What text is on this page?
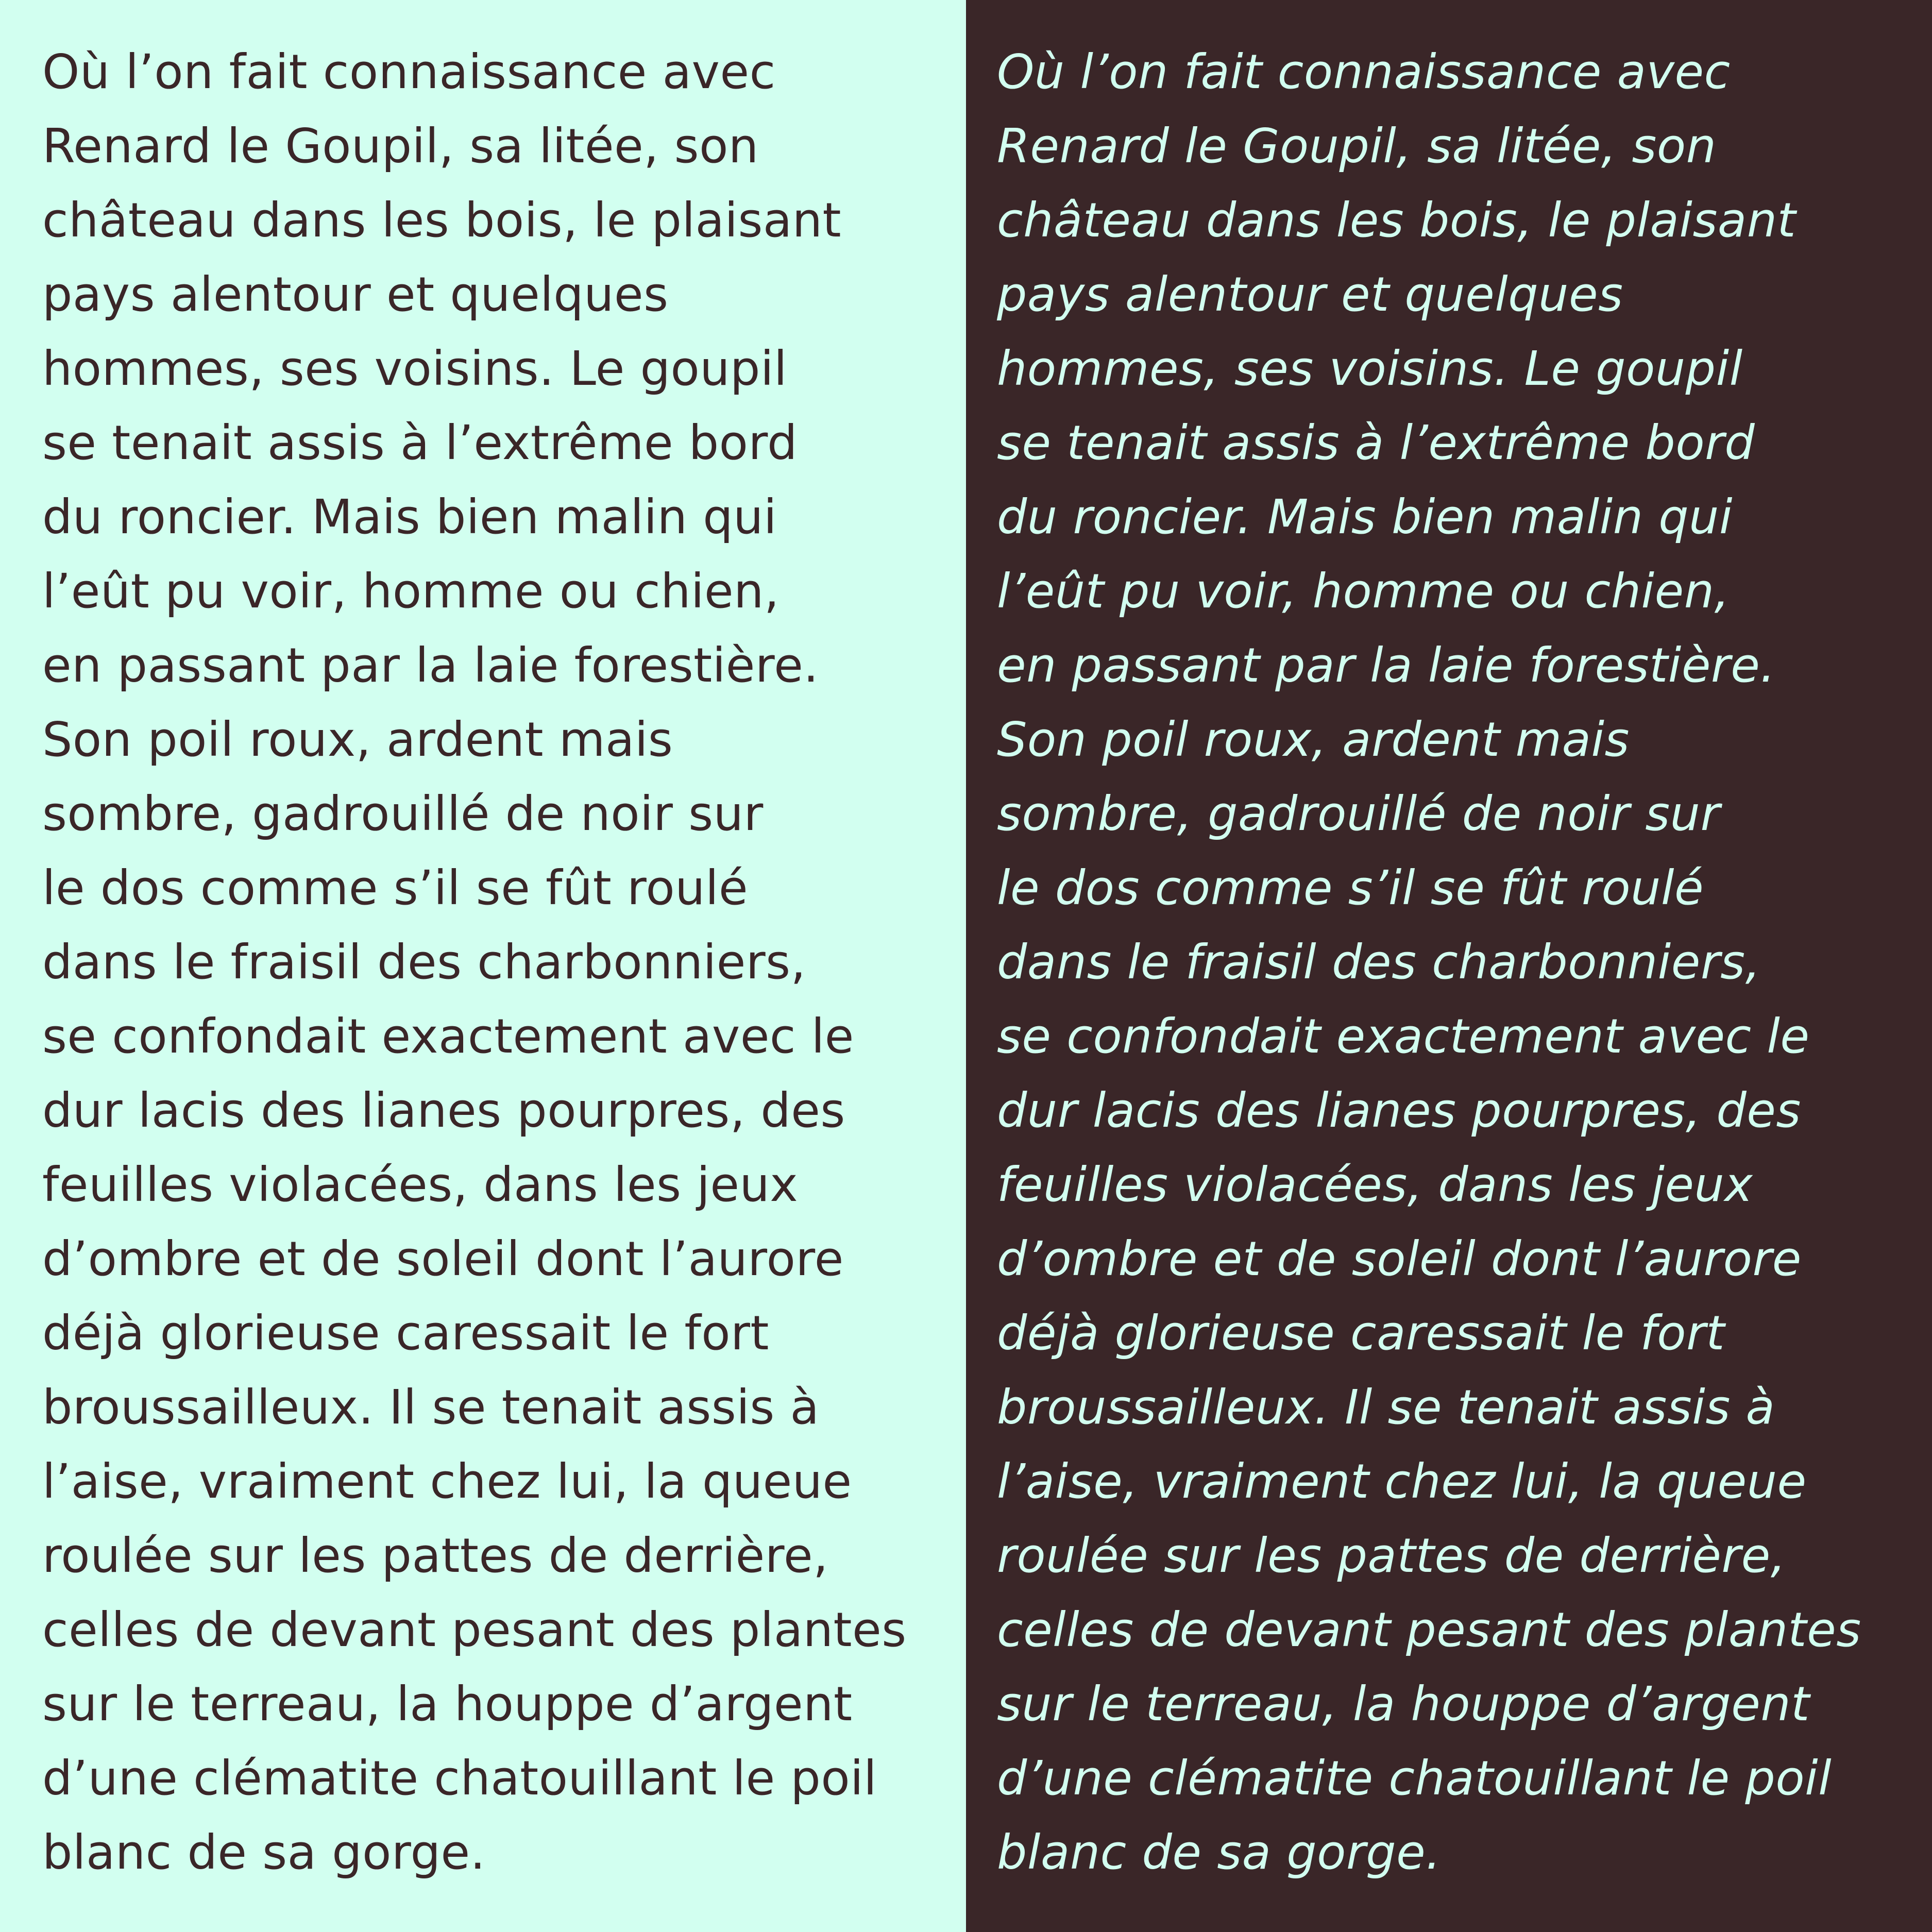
Où l’on fait connaissance avec
Renard le Goupil, sa litée, son
château dans les bois, le plaisant
pays alentour et quelques
hommes, ses voisins. Le goupil
se tenait assis à l’extrême bord
du roncier. Mais bien malin qui
l’eût pu voir, homme ou chien,
en passant par la laie forestière.
Son poil roux, ardent mais
sombre, gadrouillé de noir sur
le dos comme s’il se fût roulé
dans le fraisil des charbonniers,
se confondait exactement avec le
dur lacis des lianes pourpres, des
feuilles violacées, dans les jeux
d’ombre et de soleil dont l’aurore
déjà glorieuse caressait le fort
broussailleux. Il se tenait assis à
l’aise, vraiment chez lui, la queue
roulée sur les pattes de derrière,
celles de devant pesant des plantes
sur le terreau, la houppe d’argent
d’une clématite chatouillant le poil
blanc de sa gorge.
Où l’on fait connaissance avec
Renard le Goupil, sa litée, son
château dans les bois, le plaisant
pays alentour et quelques
hommes, ses voisins. Le goupil
se tenait assis à l’extrême bord
du roncier. Mais bien malin qui
l’eût pu voir, homme ou chien,
en passant par la laie forestière.
Son poil roux, ardent mais
sombre, gadrouillé de noir sur
le dos comme s’il se fût roulé
dans le fraisil des charbonniers,
se confondait exactement avec le
dur lacis des lianes pourpres, des
feuilles violacées, dans les jeux
d’ombre et de soleil dont l’aurore
déjà glorieuse caressait le fort
broussailleux. Il se tenait assis à
l’aise, vraiment chez lui, la queue
roulée sur les pattes de derrière,
celles de devant pesant des plantes
sur le terreau, la houppe d’argent
d’une clématite chatouillant le poil
blanc de sa gorge.
